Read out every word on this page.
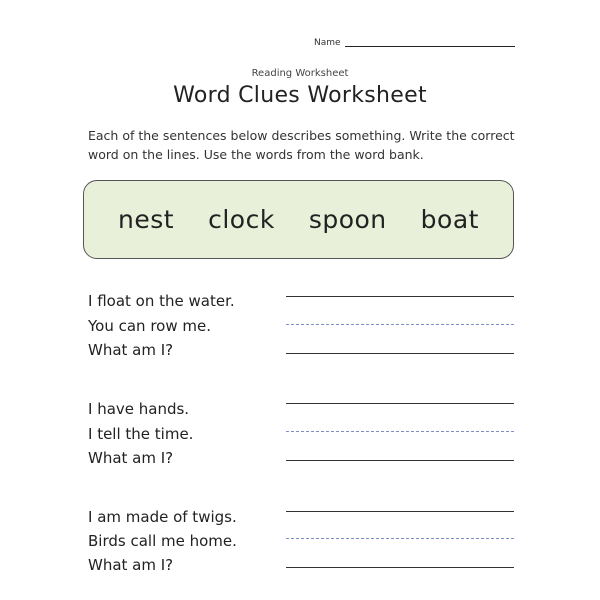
Name
Reading Worksheet
Word Clues Worksheet
Each of the sentences below describes something. Write the correct word on the lines. Use the words from the word bank.
nest clock spoon boat
I float on the water.
You can row me.
What am I?
I have hands.
I tell the time.
What am I?
I am made of twigs.
Birds call me home.
What am I?
